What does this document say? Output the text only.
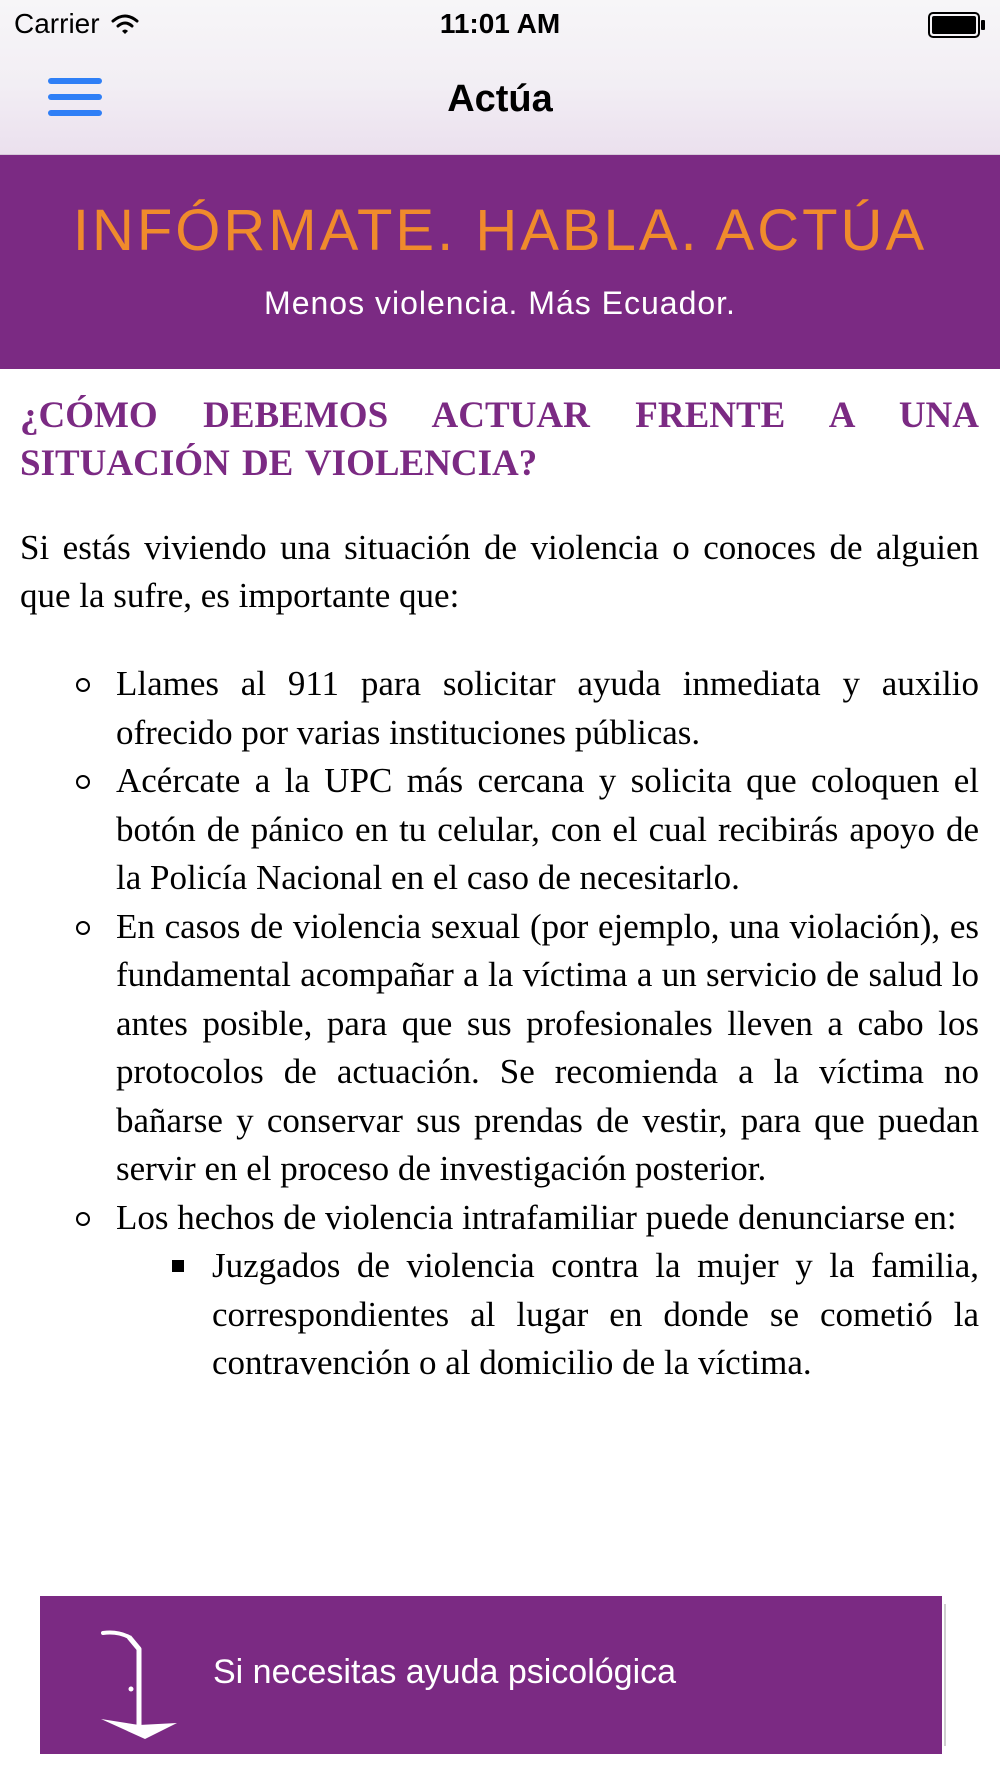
Actúa
Carrier	11:01 AM
INFÓRMATE. HABLA. ACTÚA
Menos violencia. Más Ecuador.
¿CÓMO DEBEMOS ACTUAR FRENTE A UNA SITUACIÓN DE VIOLENCIA?

Si estás viviendo una situación de violencia o conoces de alguien que la sufre, es importante que:

Llames al 911 para solicitar ayuda inmediata y auxilio ofrecido por varias instituciones públicas.
Acércate a la UPC más cercana y solicita que coloquen el botón de pánico en tu celular, con el cual recibirás apoyo de la Policía Nacional en el caso de necesitarlo.
En casos de violencia sexual (por ejemplo, una violación), es fundamental acompañar a la víctima a un servicio de salud lo antes posible, para que sus profesionales lleven a cabo los protocolos de actuación. Se recomienda a la víctima no bañarse y conservar sus prendas de vestir, para que puedan servir en el proceso de investigación posterior.
Los hechos de violencia intrafamiliar puede denunciarse en:
Juzgados de violencia contra la mujer y la familia, correspondientes al lugar en donde se cometió la contravención o al domicilio de la víctima.
Si necesitas ayuda psicológica
